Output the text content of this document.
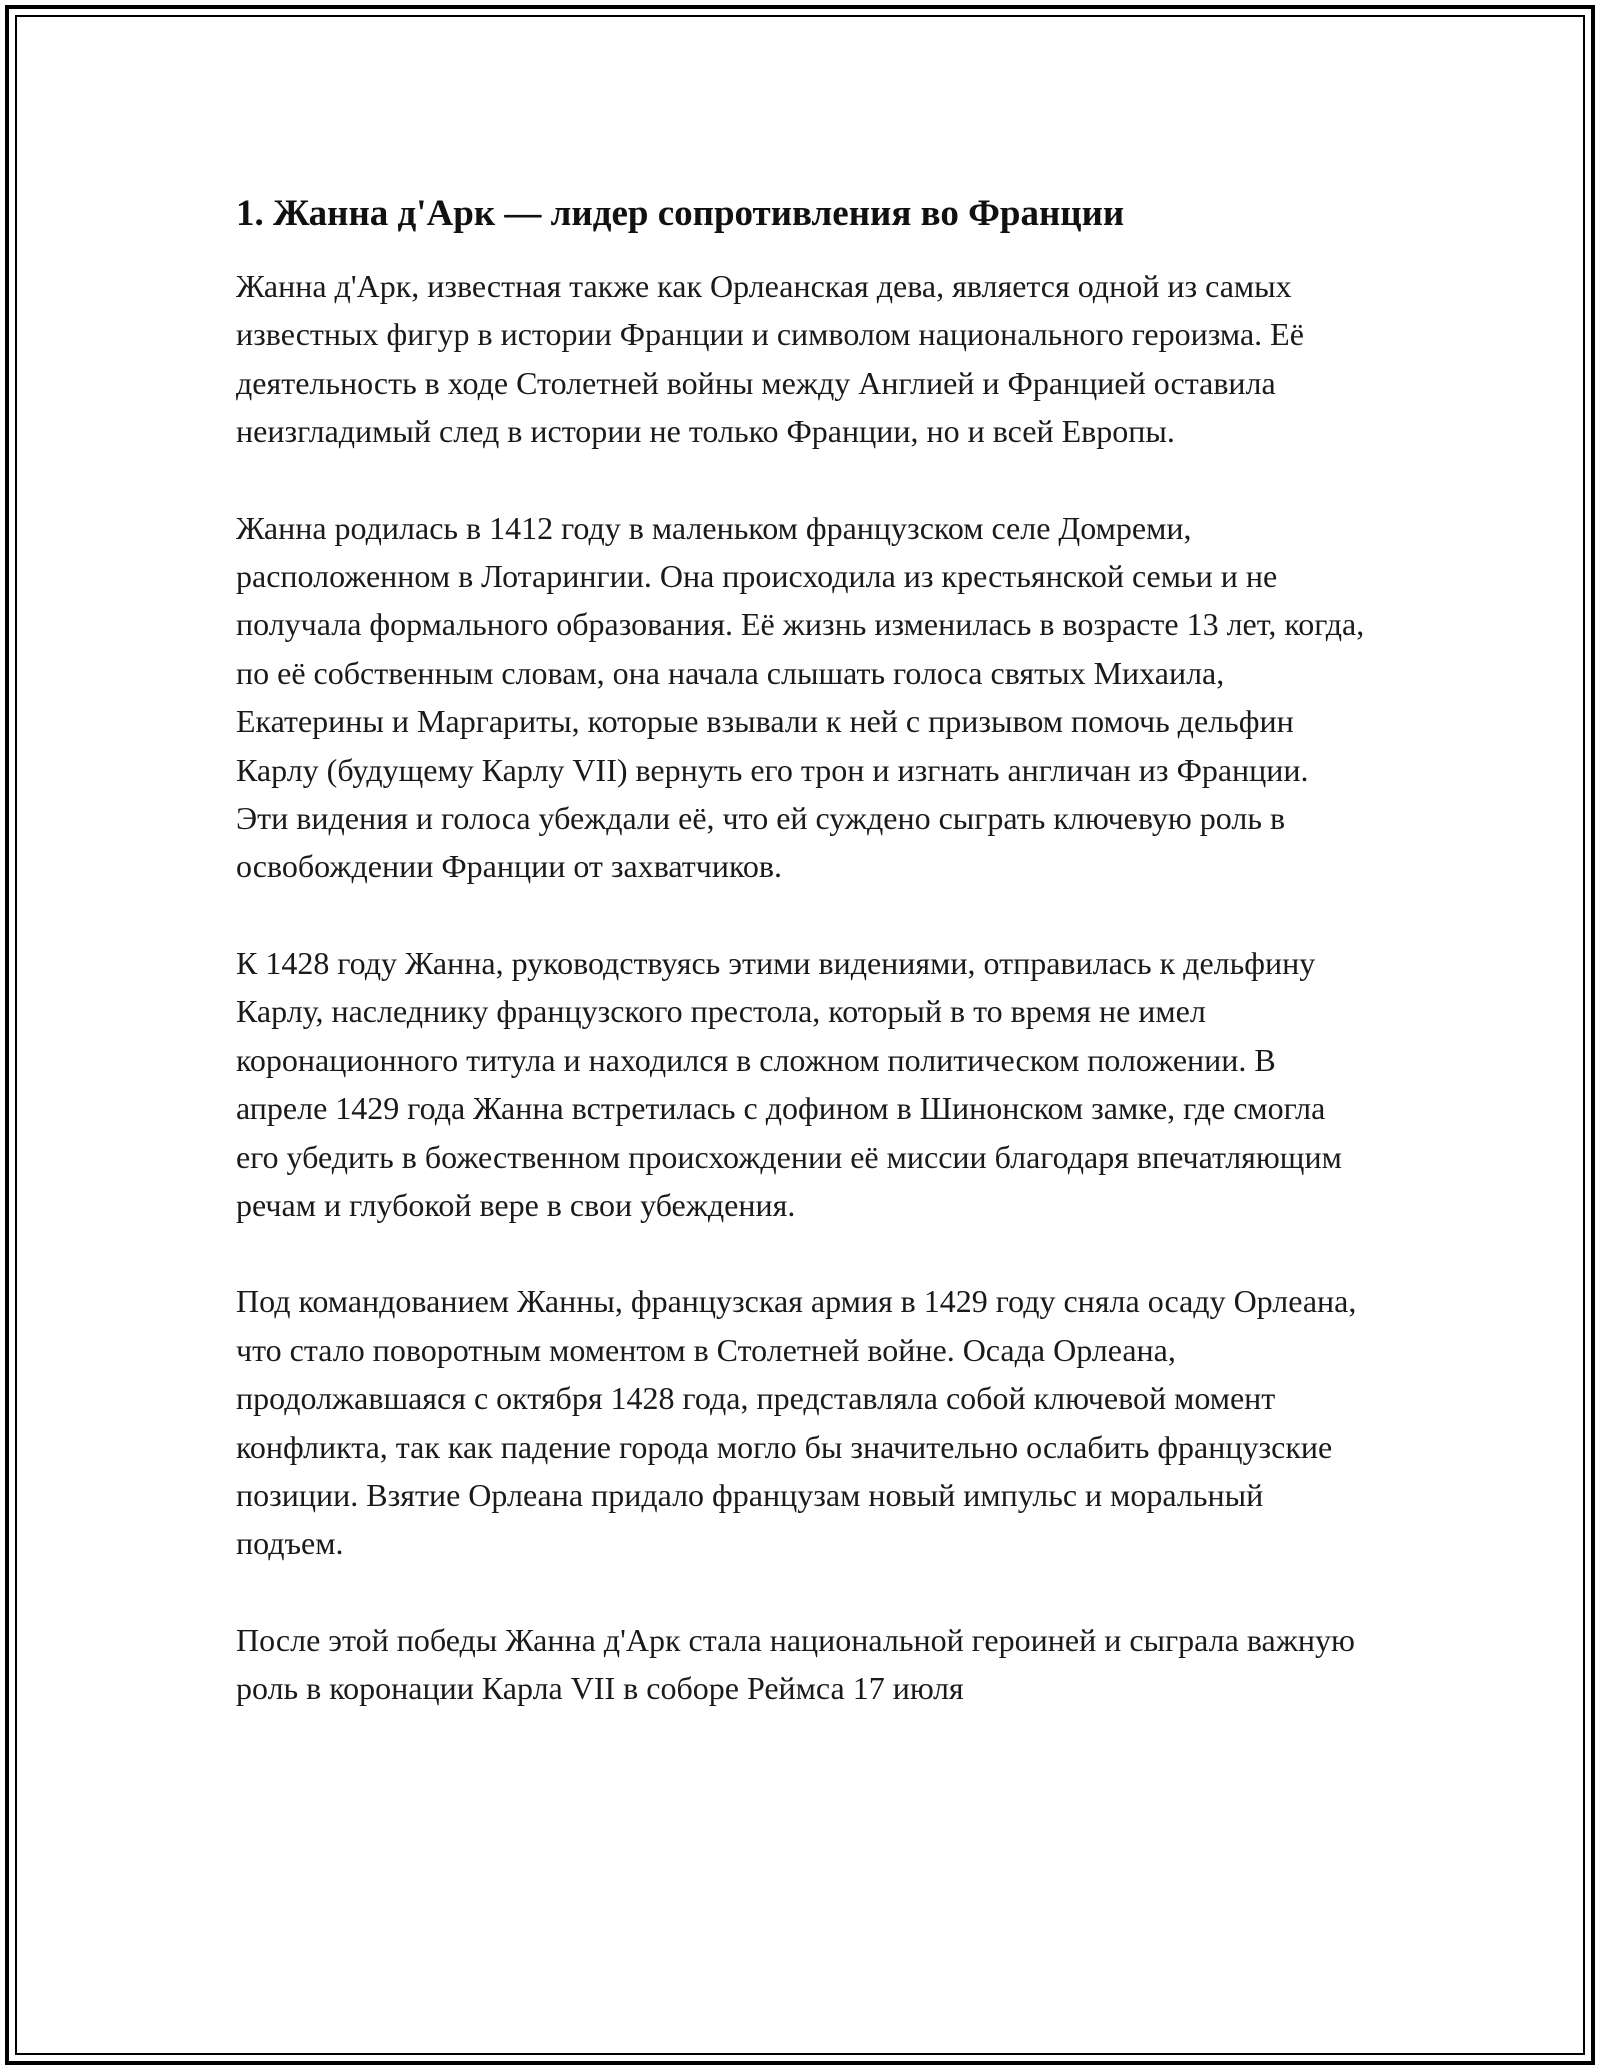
1. Жанна д'Арк — лидер сопротивления во Франции

Жанна д'Арк, известная также как Орлеанская дева, является одной из самых известных фигур в истории Франции и символом национального героизма. Её деятельность в ходе Столетней войны между Англией и Францией оставила неизгладимый след в истории не только Франции, но и всей Европы.

Жанна родилась в 1412 году в маленьком французском селе Домреми, расположенном в Лотарингии. Она происходила из крестьянской семьи и не получала формального образования. Её жизнь изменилась в возрасте 13 лет, когда, по её собственным словам, она начала слышать голоса святых Михаила, Екатерины и Маргариты, которые взывали к ней с призывом помочь дельфин Карлу (будущему Карлу VII) вернуть его трон и изгнать англичан из Франции. Эти видения и голоса убеждали её, что ей суждено сыграть ключевую роль в освобождении Франции от захватчиков.

К 1428 году Жанна, руководствуясь этими видениями, отправилась к дельфину Карлу, наследнику французского престола, который в то время не имел коронационного титула и находился в сложном политическом положении. В апреле 1429 года Жанна встретилась с дофином в Шинонском замке, где смогла его убедить в божественном происхождении её миссии благодаря впечатляющим речам и глубокой вере в свои убеждения.

Под командованием Жанны, французская армия в 1429 году сняла осаду Орлеана, что стало поворотным моментом в Столетней войне. Осада Орлеана, продолжавшаяся с октября 1428 года, представляла собой ключевой момент конфликта, так как падение города могло бы значительно ослабить французские позиции. Взятие Орлеана придало французам новый импульс и моральный подъем.

После этой победы Жанна д'Арк стала национальной героиней и сыграла важную роль в коронации Карла VII в соборе Реймса 17 июля
